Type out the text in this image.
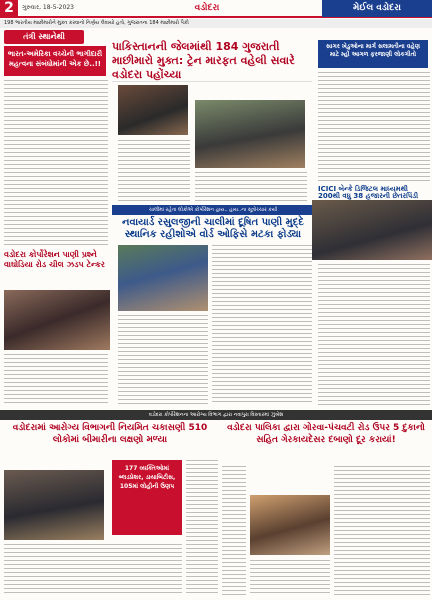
2	ગુરુવાર, 18-5-2023	વડોદરા	મેઈલ વડોદરા
198 ભારતીય માછીમારોને મુક્ત કરવાનો નિર્ણય લેવાયો હતો, ગુજરાતના 184 માછીમારો પૈકી
તંત્રી સ્થાનેથી
ભારત-અમેરિકા વચ્ચેની ભાગીદારી મહત્વના સંબંધોમાંની એક છે..!!
વડોદરા કોર્પોરેશન પાણી પ્રશ્ને વાઘોડિયા રોડ ચીલ ઝડપ ટેન્કર
પાકિસ્તાનની જેલમાંથી 184 ગુજરાતી માછીમારો મુક્ત: ટ્રેન મારફત વહેલી સવારે વડોદરા પહોંચ્યા
સાગર ખેડુઓના માર્ગ સલામતીના વહેણ માટે મ્હોં આગળ ફરજાણી લોકગીતો
ચાલીમાં રહેતા લોકોએ કોર્પોરેશન હાય.. હાય..ના સૂત્રોચ્ચાર કર્યા
નવાયાર્ડ રસુલજીની ચાલીમાં દૂષિત પાણી મુદ્દે સ્થાનિક રહીશોએ વોર્ડ ઓફિસે મટકા ફોડ્યા
ICICI બેન્કે ડિજિટલ માધ્યમથી 200થી વધુ 38 હજારની છેતરપિંડી
વડોદરા કોર્પોરેશનના આરોગ્ય વિભાગ દ્વારા નવાપુરા વિસ્તારમાં ઝુંબેશ
વડોદરામાં આરોગ્ય વિભાગની નિયમિત ચકાસણી 510 લોકોમાં બીમારીના લક્ષણો મળ્યા
વડોદરા પાલિકા દ્વારા ગોરવા-પંચવટી રોડ ઉપર 5 દુકાનો સહિત ગેરકાયદેસર દબાણો દૂર કરાયાં!
177 વ્યક્તિઓમાં બ્લડપ્રેશર, ડાયાબિટીસ, 105માં લોહીની ઉણપ
